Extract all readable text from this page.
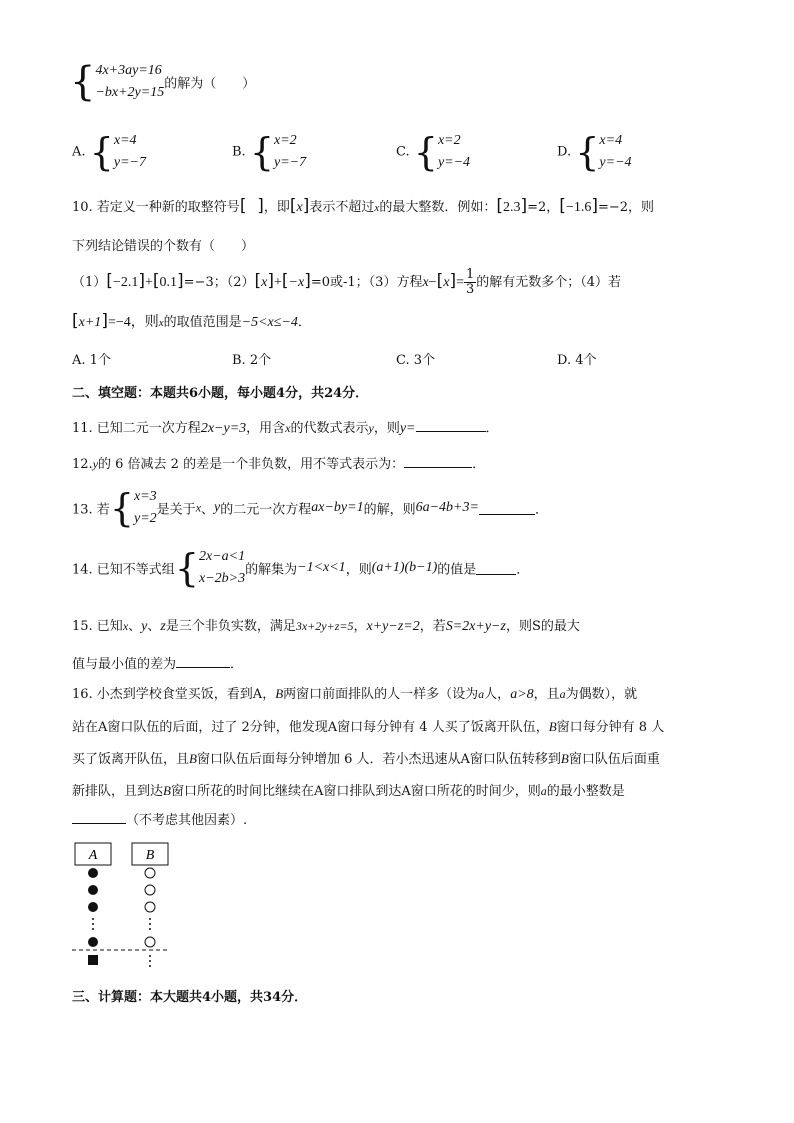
{ 4x+3ay=16
−bx+2y=15
的解为（　　）
A. { x=4
y=−7
B. { x=2
y=−7
C. { x=2
y=−4
D. { x=4
y=−4
10. 若定义一种新的取整符号[  ]，即[x]表示不超过x的最大整数．例如：[2.3]=2，[−1.6]=−2，则
下列结论错误的个数有（　　）
（1）[−2.1]+[0.1]=−3；（2）[x]+[−x]=0或-1；（3）方程$x-[x]= \frac{1}{3}$ 的解有无数多个；（4）若
[x+1]=−4，则x的取值范围是−5<x≤−4．
A. 1个	B. 2个	C. 3个	D. 4个
二、填空题：本题共6小题，每小题4分，共24分．
11. 已知二元一次方程2x−y=3，用含x的代数式表示y，则y=	．
12.y的 6 倍减去 2 的差是一个非负数，用不等式表示为：	．
13. 若{ x=3
y=2
是关于x、y的二元一次方程ax−by=1的解，则6a−4b+3=	．
14. 已知不等式组{ 2x−a<1
x−2b>3
的解集为−1<x<1，则(a+1)(b−1)的值是	．
15. 已知x、y、z是三个非负实数，满足3x+2y+z=5，x+y−z=2，若S=2x+y−z，则S的最大
值与最小值的差为	．
16. 小杰到学校食堂买饭，看到A，B两窗口前面排队的人一样多（设为a人，a>8，且a为偶数），就
站在A窗口队伍的后面，过了 2分钟，他发现A窗口每分钟有 4 人买了饭离开队伍，B窗口每分钟有 8 人
买了饭离开队伍，且B窗口队伍后面每分钟增加 6 人．若小杰迅速从A窗口队伍转移到B窗口队伍后面重
新排队，且到达B窗口所花的时间比继续在A窗口排队到达A窗口所花的时间少，则a的最小整数是
（不考虑其他因素）.
A	B
三、计算题：本大题共4小题，共34分．
